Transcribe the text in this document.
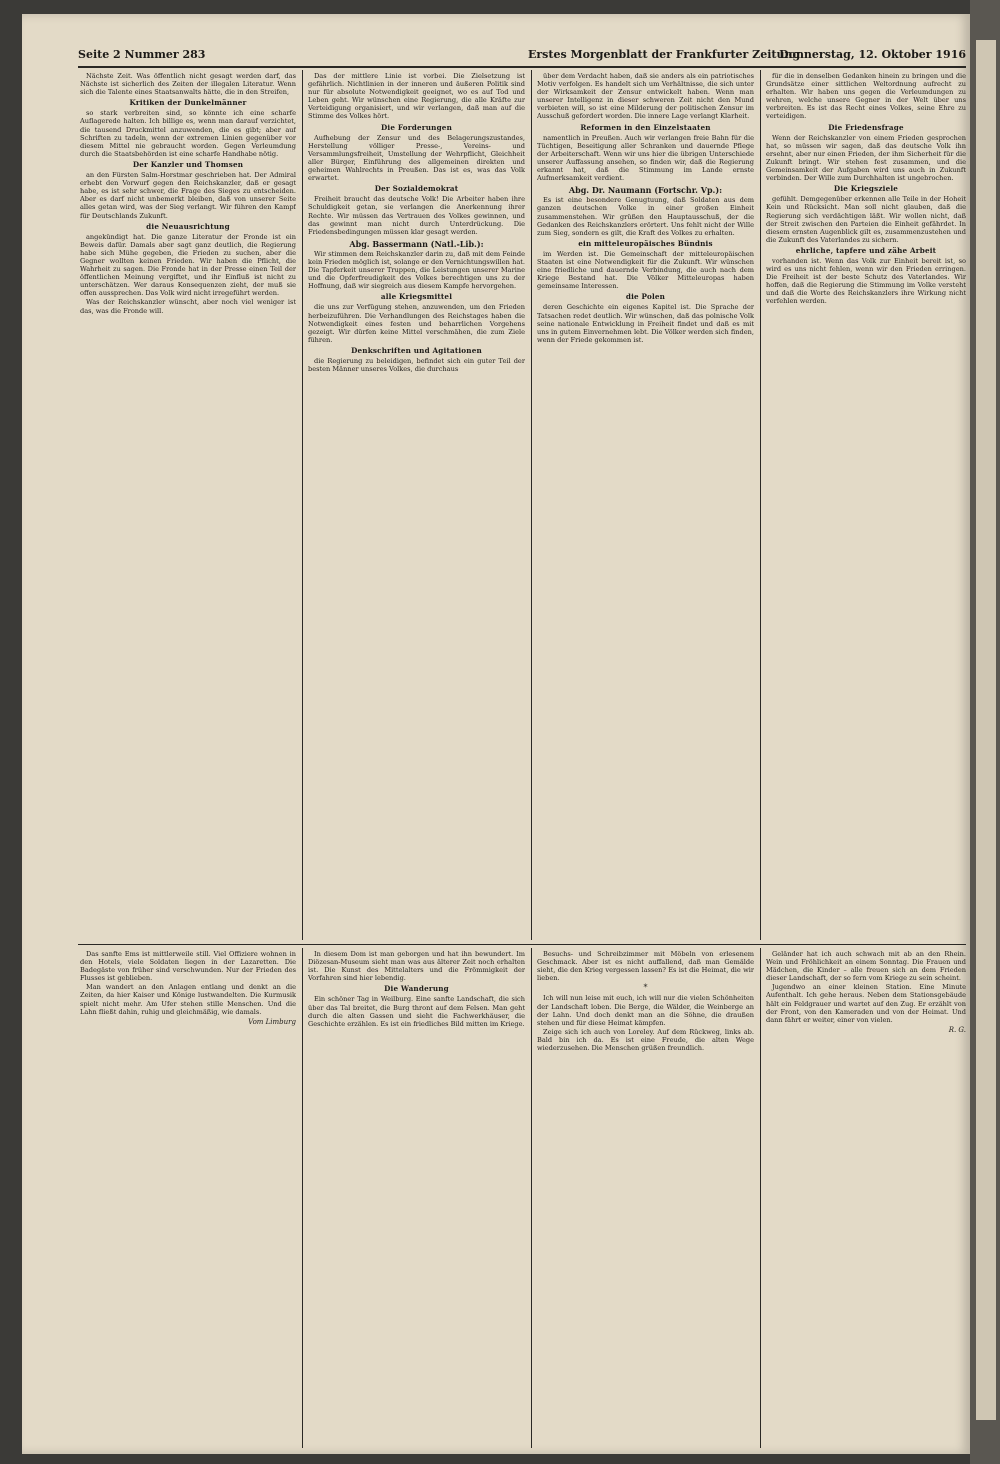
Seite 2 Nummer 283	Erstes Morgenblatt der Frankfurter Zeitung
Donnerstag, 12. Oktober 1916

Nächste Zeit. Was öffentlich nicht gesagt werden darf, das Nächste ist sicherlich des Zeiten der illegalen Literatur. Wenn sich die Talente eines Staatsanwalts hätte, die in den Streifen,

Kritiken der Dunkelmänner

so stark verbreiten sind, so könnte ich eine scharfe Auflagerede halten. Ich billige es, wenn man darauf verzichtet, die tausend Druckmittel anzuwenden, die es gibt; aber auf Schriften zu tadeln, wenn der extremen Linien gegenüber vor diesem Mittel nie gebraucht worden. Gegen Verleumdung durch die Staatsbehörden ist eine scharfe Handhabe nötig.

Der Kanzler und Thomsen

an den Fürsten Salm-Horstmar geschrieben hat. Der Admiral erhebt den Vorwurf gegen den Reichskanzler, daß er gesagt habe, es ist sehr schwer, die Frage des Sieges zu entscheiden. Aber es darf nicht unbemerkt bleiben, daß von unserer Seite alles getan wird, was der Sieg verlangt. Wir führen den Kampf für Deutschlands Zukunft.

die Neuausrichtung

angekündigt hat. Die ganze Literatur der Fronde ist ein Beweis dafür. Damals aber sagt ganz deutlich, die Regierung habe sich Mühe gegeben, die Frieden zu suchen, aber die Gegner wollten keinen Frieden. Wir haben die Pflicht, die Wahrheit zu sagen. Die Fronde hat in der Presse einen Teil der öffentlichen Meinung vergiftet, und ihr Einfluß ist nicht zu unterschätzen. Wer daraus Konsequenzen zieht, der muß sie offen aussprechen. Das Volk wird nicht irregeführt werden.

Was der Reichskanzler wünscht, aber noch viel weniger ist das, was die Fronde will.

Das der mittlere Linie ist vorbei. Die Zielsetzung ist gefährlich. Nichtlinien in der inneren und äußeren Politik sind nur für absolute Notwendigkeit geeignet, wo es auf Tod und Leben geht. Wir wünschen eine Regierung, die alle Kräfte zur Verteidigung organisiert, und wir verlangen, daß man auf die Stimme des Volkes hört.

Die Forderungen

Aufhebung der Zensur und des Belagerungszustandes, Herstellung völliger Presse-, Vereins- und Versammlungsfreiheit, Umstellung der Wehrpflicht, Gleichheit aller Bürger, Einführung des allgemeinen direkten und geheimen Wahlrechts in Preußen. Das ist es, was das Volk erwartet.

Der Sozialdemokrat

Freiheit braucht das deutsche Volk! Die Arbeiter haben ihre Schuldigkeit getan, sie verlangen die Anerkennung ihrer Rechte. Wir müssen das Vertrauen des Volkes gewinnen, und das gewinnt man nicht durch Unterdrückung. Die Friedensbedingungen müssen klar gesagt werden.

Abg. Bassermann (Natl.-Lib.):

Wir stimmen dem Reichskanzler darin zu, daß mit dem Feinde kein Frieden möglich ist, solange er den Vernichtungswillen hat. Die Tapferkeit unserer Truppen, die Leistungen unserer Marine und die Opferfreudigkeit des Volkes berechtigen uns zu der Hoffnung, daß wir siegreich aus diesem Kampfe hervorgehen.

alle Kriegsmittel

die uns zur Verfügung stehen, anzuwenden, um den Frieden herbeizuführen. Die Verhandlungen des Reichstages haben die Notwendigkeit eines festen und beharrlichen Vorgehens gezeigt. Wir dürfen keine Mittel verschmähen, die zum Ziele führen.

Denkschriften und Agitationen

die Regierung zu beleidigen, befindet sich ein guter Teil der besten Männer unseres Volkes, die durchaus

über dem Verdacht haben, daß sie anders als ein patriotisches Motiv verfolgen. Es handelt sich um Verhältnisse, die sich unter der Wirksamkeit der Zensur entwickelt haben. Wenn man unserer Intelligenz in dieser schweren Zeit nicht den Mund verbieten will, so ist eine Milderung der politischen Zensur im Ausschuß gefordert worden. Die innere Lage verlangt Klarheit.

Reformen in den Einzelstaaten

namentlich in Preußen. Auch wir verlangen freie Bahn für die Tüchtigen, Beseitigung aller Schranken und dauernde Pflege der Arbeiterschaft. Wenn wir uns hier die übrigen Unterschiede unserer Auffassung ansehen, so finden wir, daß die Regierung erkannt hat, daß die Stimmung im Lande ernste Aufmerksamkeit verdient.

Abg. Dr. Naumann (Fortschr. Vp.):

Es ist eine besondere Genugtuung, daß Soldaten aus dem ganzen deutschen Volke in einer großen Einheit zusammenstehen. Wir grüßen den Hauptausschuß, der die Gedanken des Reichskanzlers erörtert. Uns fehlt nicht der Wille zum Sieg, sondern es gilt, die Kraft des Volkes zu erhalten.

ein mitteleuropäisches Bündnis

im Werden ist. Die Gemeinschaft der mitteleuropäischen Staaten ist eine Notwendigkeit für die Zukunft. Wir wünschen eine friedliche und dauernde Verbindung, die auch nach dem Kriege Bestand hat. Die Völker Mitteleuropas haben gemeinsame Interessen.

die Polen

deren Geschichte ein eigenes Kapitel ist. Die Sprache der Tatsachen redet deutlich. Wir wünschen, daß das polnische Volk seine nationale Entwicklung in Freiheit findet und daß es mit uns in gutem Einvernehmen lebt. Die Völker werden sich finden, wenn der Friede gekommen ist.

für die in denselben Gedanken hinein zu bringen und die Grundsätze einer sittlichen Weltordnung aufrecht zu erhalten. Wir haben uns gegen die Verleumdungen zu wehren, welche unsere Gegner in der Welt über uns verbreiten. Es ist das Recht eines Volkes, seine Ehre zu verteidigen.

Die Friedensfrage

Wenn der Reichskanzler von einem Frieden gesprochen hat, so müssen wir sagen, daß das deutsche Volk ihn ersehnt, aber nur einen Frieden, der ihm Sicherheit für die Zukunft bringt. Wir stehen fest zusammen, und die Gemeinsamkeit der Aufgaben wird uns auch in Zukunft verbinden. Der Wille zum Durchhalten ist ungebrochen.

Die Kriegsziele

gefühlt. Demgegenüber erkennen alle Teile in der Hoheit Kein und Rücksicht. Man soll nicht glauben, daß die Regierung sich verdächtigen läßt. Wir wollen nicht, daß der Streit zwischen den Parteien die Einheit gefährdet. In diesem ernsten Augenblick gilt es, zusammenzustehen und die Zukunft des Vaterlandes zu sichern.

ehrliche, tapfere und zähe Arbeit

vorhanden ist. Wenn das Volk zur Einheit bereit ist, so wird es uns nicht fehlen, wenn wir den Frieden erringen. Die Freiheit ist der beste Schutz des Vaterlandes. Wir hoffen, daß die Regierung die Stimmung im Volke versteht und daß die Worte des Reichskanzlers ihre Wirkung nicht verfehlen werden.

Das sanfte Ems ist mittlerweile still. Viel Offiziere wohnen in den Hotels, viele Soldaten liegen in der Lazaretten. Die Badegäste von früher sind verschwunden. Nur der Frieden des Flusses ist geblieben.

Man wandert an den Anlagen entlang und denkt an die Zeiten, da hier Kaiser und Könige lustwandelten. Die Kurmusik spielt nicht mehr. Am Ufer stehen stille Menschen. Und die Lahn fließt dahin, ruhig und gleichmäßig, wie damals.

Vom Limburg

In diesem Dom ist man geborgen und hat ihn bewundert. Im Diözesan-Museum sieht man was aus älterer Zeit noch erhalten ist. Die Kunst des Mittelalters und die Frömmigkeit der Vorfahren sind hier lebendig.

Die Wanderung

Ein schöner Tag in Weilburg. Eine sanfte Landschaft, die sich über das Tal breitet, die Burg thront auf dem Felsen. Man geht durch die alten Gassen und sieht die Fachwerkhäuser, die Geschichte erzählen. Es ist ein friedliches Bild mitten im Kriege.

Besuchs- und Schreibzimmer mit Möbeln von erlesenem Geschmack. Aber ist es nicht auffallend, daß man Gemälde sieht, die den Krieg vergessen lassen? Es ist die Heimat, die wir lieben.

*

Ich will nun leise mit euch, ich will nur die vielen Schönheiten der Landschaft loben. Die Berge, die Wälder, die Weinberge an der Lahn. Und doch denkt man an die Söhne, die draußen stehen und für diese Heimat kämpfen.

Zeige sich ich auch von Loreley. Auf dem Rückweg, links ab. Bald bin ich da. Es ist eine Freude, die alten Wege wiederzusehen. Die Menschen grüßen freundlich.

Geländer hat ich auch schwach mit ab an den Rhein. Wein und Fröhlichkeit an einem Sonntag. Die Frauen und Mädchen, die Kinder – alle freuen sich an dem Frieden dieser Landschaft, der so fern vom Kriege zu sein scheint.

Jugendwo an einer kleinen Station. Eine Minute Aufenthalt. Ich gehe heraus. Neben dem Stationsgebäude hält ein Feldgrauer und wartet auf den Zug. Er erzählt von der Front, von den Kameraden und von der Heimat. Und dann fährt er weiter, einer von vielen.

R. G.
